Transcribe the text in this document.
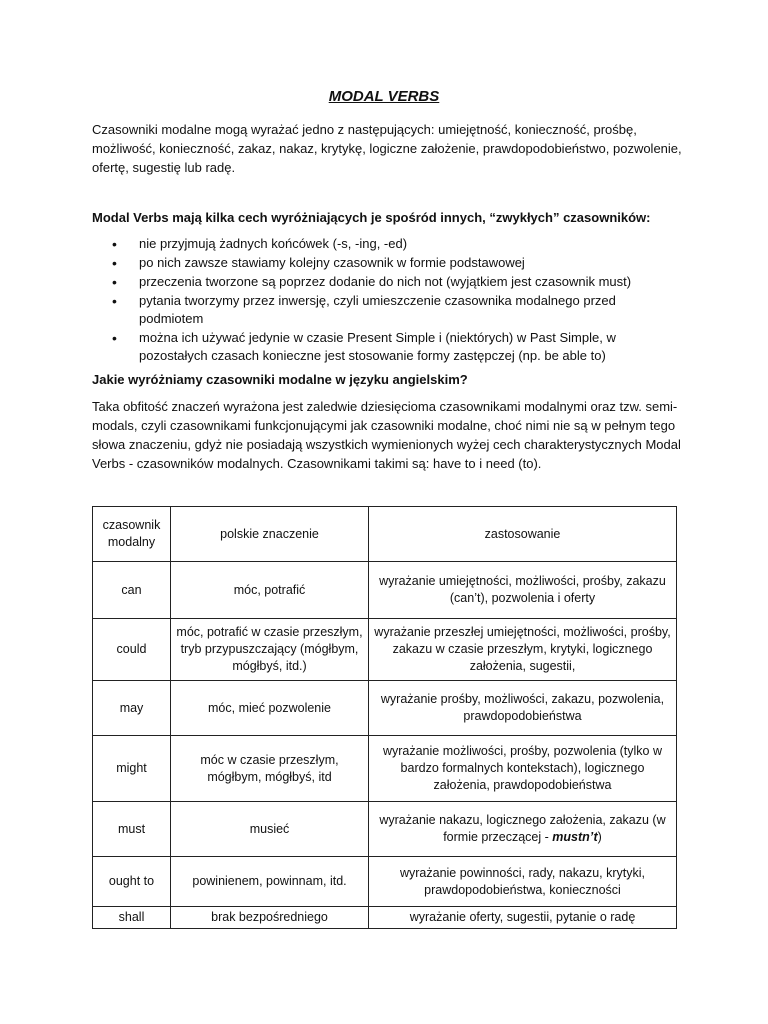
MODAL VERBS
Czasowniki modalne mogą wyrażać jedno z następujących: umiejętność, konieczność, prośbę, możliwość, konieczność, zakaz, nakaz, krytykę, logiczne założenie, prawdopodobieństwo, pozwolenie, ofertę, sugestię lub radę.
Modal Verbs mają kilka cech wyróżniających je spośród innych, “zwykłych” czasowników:
• nie przyjmują żadnych końcówek (-s, -ing, -ed)
• po nich zawsze stawiamy kolejny czasownik w formie podstawowej
• przeczenia tworzone są poprzez dodanie do nich not (wyjątkiem jest czasownik must)
• pytania tworzymy przez inwersję, czyli umieszczenie czasownika modalnego przed podmiotem
• można ich używać jedynie w czasie Present Simple i (niektórych) w Past Simple, w pozostałych czasach konieczne jest stosowanie formy zastępczej (np. be able to)
Jakie wyróżniamy czasowniki modalne w języku angielskim?
Taka obfitość znaczeń wyrażona jest zaledwie dziesięcioma czasownikami modalnymi oraz tzw. semi-modals, czyli czasownikami funkcjonującymi jak czasowniki modalne, choć nimi nie są w pełnym tego słowa znaczeniu, gdyż nie posiadają wszystkich wymienionych wyżej cech charakterystycznych Modal Verbs - czasowników modalnych. Czasownikami takimi są: have to i need (to).
czasownik modalny	polskie znaczenie	zastosowanie
can	móc, potrafić	wyrażanie umiejętności, możliwości, prośby, zakazu (can’t), pozwolenia i oferty
could	móc, potrafić w czasie przeszłym, tryb przypuszczający (mógłbym, mógłbyś, itd.)	wyrażanie przeszłej umiejętności, możliwości, prośby, zakazu w czasie przeszłym, krytyki, logicznego założenia, sugestii,
may	móc, mieć pozwolenie	wyrażanie prośby, możliwości, zakazu, pozwolenia, prawdopodobieństwa
might	móc w czasie przeszłym, mógłbym, mógłbyś, itd	wyrażanie możliwości, prośby, pozwolenia (tylko w bardzo formalnych kontekstach), logicznego założenia, prawdopodobieństwa
must	musieć	wyrażanie nakazu, logicznego założenia, zakazu (w formie przeczącej - mustn’t)
ought to	powinienem, powinnam, itd.	wyrażanie powinności, rady, nakazu, krytyki, prawdopodobieństwa, konieczności
shall	brak bezpośredniego	wyrażanie oferty, sugestii, pytanie o radę
